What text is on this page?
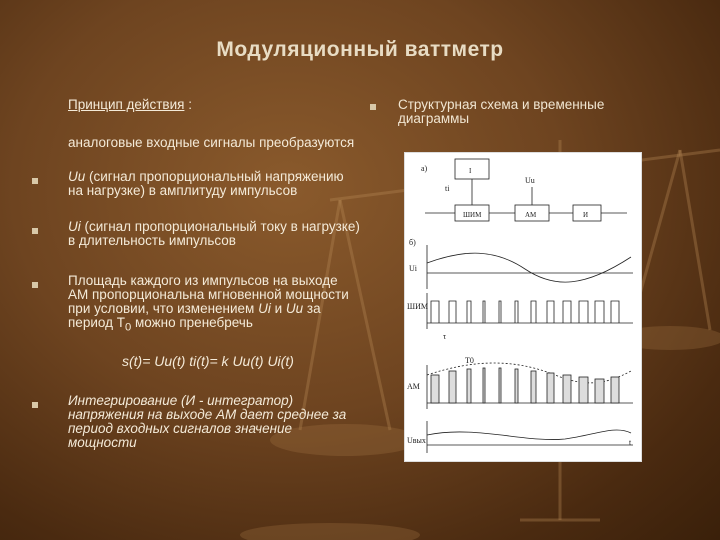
Модуляционный ваттметр
Принцип действия :
аналоговые входные сигналы преобразуются
Uu (сигнал пропорциональный напряжению на нагрузке) в амплитуду импульсов
Ui (сигнал пропорциональный току в нагрузке) в длительность импульсов
Площадь каждого из импульсов на выходе АМ пропорциональна мгновенной мощности при условии, что изменением Ui и Uu за период $Т_0$ можно пренебречь
s(t)= Uu(t) ti(t)= k Uu(t) Ui(t)
Интегрирование (И - интегратор) напряжения на выходе АМ дает среднее за период входных сигналов значение мощности
Структурная схема и временные диаграммы
а)
б)
Ui
ШИМ
АМ
Uвых
Uu
ti
T0
τ
t
I
ШИМ	АМ	И
